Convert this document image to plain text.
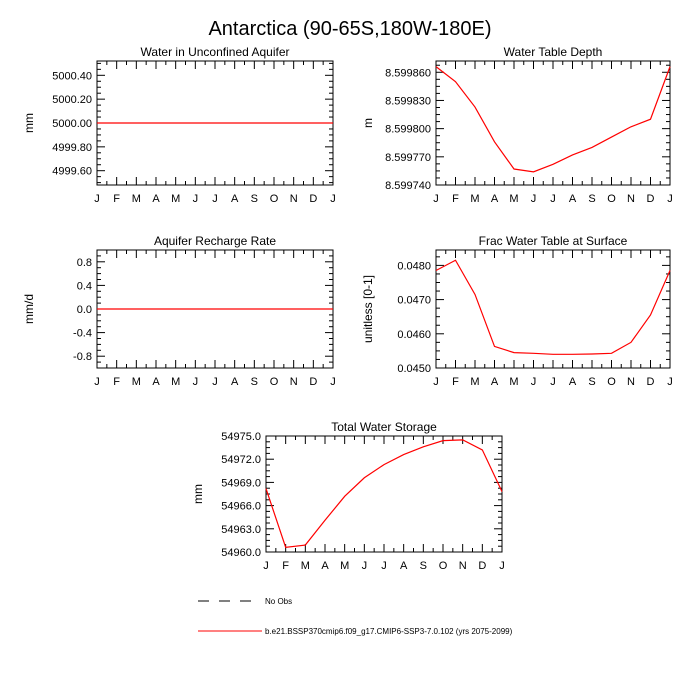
Antarctica (90-65S,180W-180E)
Water in Unconfined Aquifer
J F M A M J J A S O N D J
5000.40
5000.20
5000.00
4999.80
4999.60
mm
Water Table Depth
J F M A M J J A S O N D J
8.599860
8.599830
8.599800
8.599770
8.599740
m
Aquifer Recharge Rate
J F M A M J J A S O N D J
0.8
0.4
0.0
-0.4
-0.8
mm/d
Frac Water Table at Surface
J F M A M J J A S O N D J
0.0480
0.0470
0.0460
0.0450
unitless [0-1]
Total Water Storage
J F M A M J J A S O N D J
54975.0
54972.0
54969.0
54966.0
54963.0
54960.0
mm
No Obs
b.e21.BSSP370cmip6.f09_g17.CMIP6-SSP3-7.0.102 (yrs 2075-2099)
